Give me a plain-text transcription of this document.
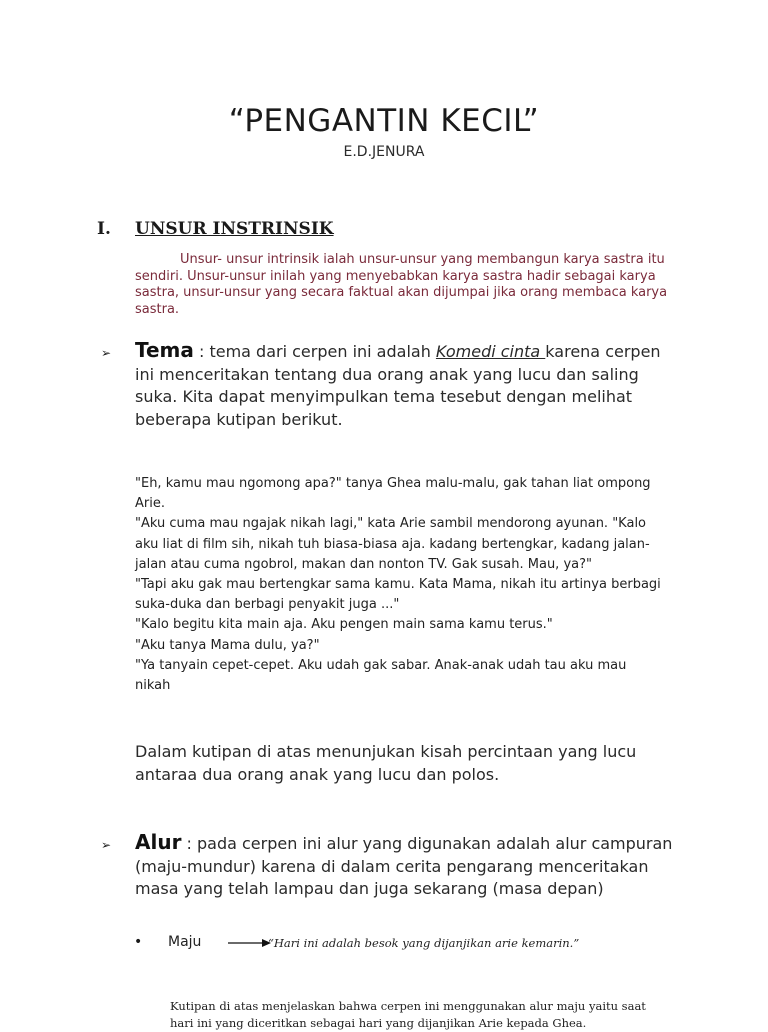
“PENGANTIN KECIL”
E.D.JENURA
I. UNSUR INSTRINSIK
Unsur- unsur intrinsik ialah unsur-unsur yang membangun karya sastra itu sendiri. Unsur-unsur inilah yang menyebabkan karya sastra hadir sebagai karya sastra, unsur-unsur yang secara faktual akan dijumpai jika orang membaca karya sastra.
➢ Tema : tema dari cerpen ini adalah Komedi cinta karena cerpen ini menceritakan tentang dua orang anak yang lucu dan saling suka. Kita dapat menyimpulkan tema tesebut dengan melihat beberapa kutipan berikut.
"Eh, kamu mau ngomong apa?" tanya Ghea malu-malu, gak tahan liat ompong Arie.
"Aku cuma mau ngajak nikah lagi," kata Arie sambil mendorong ayunan. "Kalo aku liat di film sih, nikah tuh biasa-biasa aja. kadang bertengkar, kadang jalan-jalan atau cuma ngobrol, makan dan nonton TV. Gak susah. Mau, ya?"
"Tapi aku gak mau bertengkar sama kamu. Kata Mama, nikah itu artinya berbagi suka-duka dan berbagi penyakit juga ..."
"Kalo begitu kita main aja. Aku pengen main sama kamu terus."
"Aku tanya Mama dulu, ya?"
"Ya tanyain cepet-cepet. Aku udah gak sabar. Anak-anak udah tau aku mau nikah
Dalam kutipan di atas menunjukan kisah percintaan yang lucu antaraa dua orang anak yang lucu dan polos.
➢ Alur : pada cerpen ini alur yang digunakan adalah alur campuran (maju-mundur) karena di dalam cerita pengarang menceritakan masa yang telah lampau dan juga sekarang (masa depan)
• Maju	“Hari ini adalah besok yang dijanjikan arie kemarin.”
Kutipan di atas menjelaskan bahwa cerpen ini menggunakan alur maju yaitu saat hari ini yang diceritkan sebagai hari yang dijanjikan Arie kepada Ghea.
